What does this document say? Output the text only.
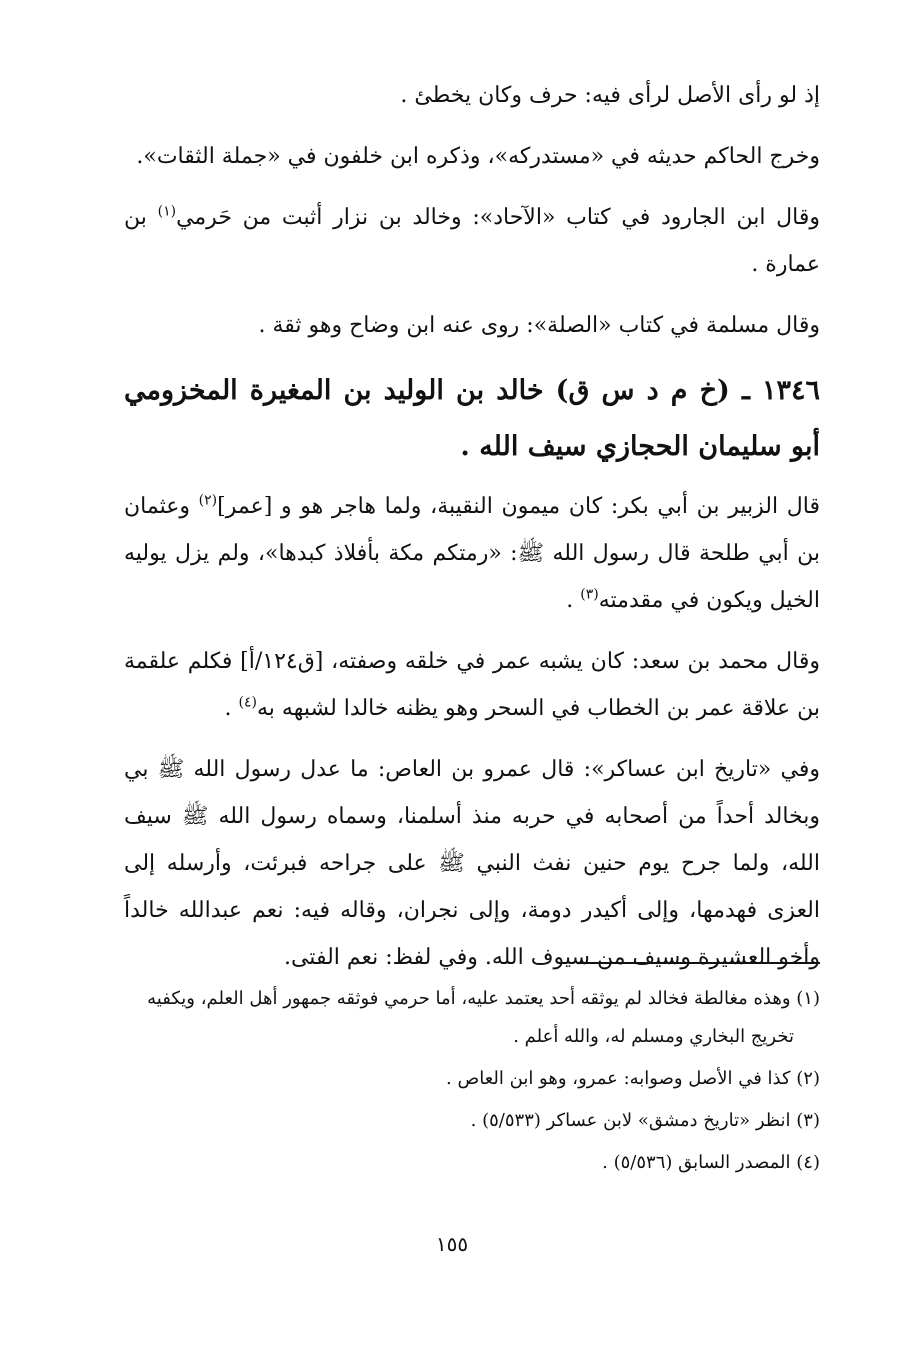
إذ لو رأى الأصل لرأى فيه: حرف وكان يخطئ .

وخرج الحاكم حديثه في «مستدركه»، وذكره ابن خلفون في «جملة الثقات».

وقال ابن الجارود في كتاب «الآحاد»: وخالد بن نزار أثبت من حَرمي$^{(١)}$ بن عمارة .

وقال مسلمة في كتاب «الصلة»: روى عنه ابن وضاح وهو ثقة .

١٣٤٦ ـ (خ م د س ق) خالد بن الوليد بن المغيرة المخزومي أبو سليمان الحجازي سيف الله .

قال الزبير بن أبي بكر: كان ميمون النقيبة، ولما هاجر هو و [عمر]$^{(٢)}$ وعثمان بن أبي طلحة قال رسول الله ﷺ: «رمتكم مكة بأفلاذ كبدها»، ولم يزل يوليه الخيل ويكون في مقدمته$^{(٣)}$ .

وقال محمد بن سعد: كان يشبه عمر في خلقه وصفته، [ق١٢٤/أ] فكلم علقمة بن علاقة عمر بن الخطاب في السحر وهو يظنه خالدا لشبهه به$^{(٤)}$ .

وفي «تاريخ ابن عساكر»: قال عمرو بن العاص: ما عدل رسول الله ﷺ بي وبخالد أحداً من أصحابه في حربه منذ أسلمنا، وسماه رسول الله ﷺ سيف الله، ولما جرح يوم حنين نفث النبي ﷺ على جراحه فبرئت، وأرسله إلى العزى فهدمها، وإلى أكيدر دومة، وإلى نجران، وقاله فيه: نعم عبدالله خالداً وأخو العشيرة وسيف من سيوف الله. وفي لفظ: نعم الفتى.

(١) وهذه مغالطة فخالد لم يوثقه أحد يعتمد عليه، أما حرمي فوثقه جمهور أهل العلم، ويكفيه تخريج البخاري ومسلم له، والله أعلم .

(٢) كذا في الأصل وصوابه: عمرو، وهو ابن العاص .

(٣) انظر «تاريخ دمشق» لابن عساكر (٥/٥٣٣) .

(٤) المصدر السابق (٥/٥٣٦) .

١٥٥
